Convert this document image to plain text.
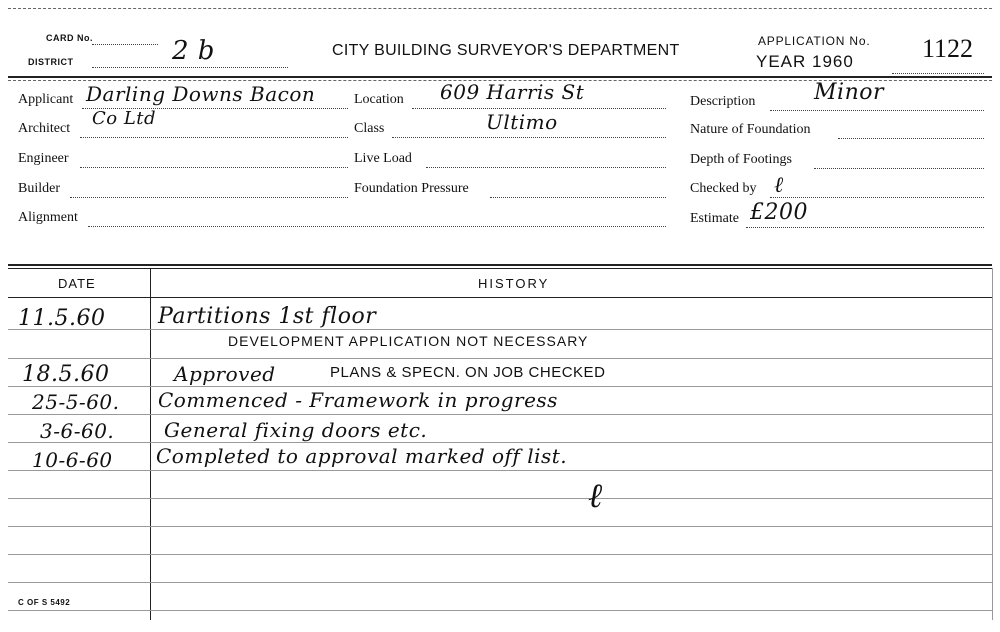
CARD No.
DISTRICT	2 b	CITY BUILDING SURVEYOR'S DEPARTMENT
APPLICATION No.
YEAR 1960	1122
Applicant Darling Downs Bacon
Architect Co Ltd
Engineer
Builder
Alignment
Location 609 Harris St
Class	Ultimo
Live Load
Foundation Pressure
Description	Minor
Nature of Foundation
Depth of Footings
Checked by ℓ
Estimate £200
DATE	HISTORY
11.5.60 Partitions 1st floor
DEVELOPMENT APPLICATION NOT NECESSARY
18.5.60	Approved	PLANS & SPECN. ON JOB CHECKED
25-5-60. Commenced - Framework in progress
3-6-60. General fixing doors etc.
10-6-60 Completed to approval marked off list.
ℓ
C OF S 5492
